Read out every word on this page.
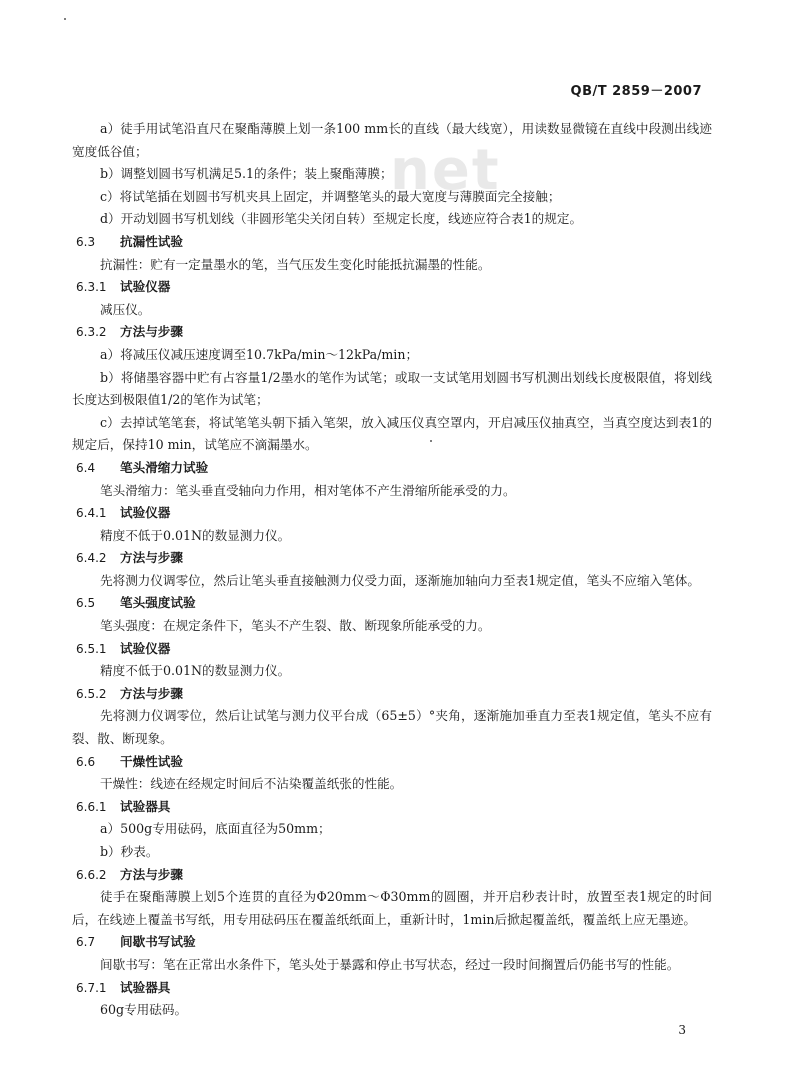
QB/T 2859－2007
net

a）徒手用试笔沿直尺在聚酯薄膜上划一条100 mm长的直线（最大线宽），用读数显微镜在直线中段测出线迹宽度低谷值；

b）调整划圆书写机满足5.1的条件；装上聚酯薄膜；

c）将试笔插在划圆书写机夹具上固定，并调整笔头的最大宽度与薄膜面完全接触；

d）开动划圆书写机划线（非圆形笔尖关闭自转）至规定长度，线迹应符合表1的规定。

6.3 抗漏性试验

抗漏性：贮有一定量墨水的笔，当气压发生变化时能抵抗漏墨的性能。

6.3.1 试验仪器

减压仪。

6.3.2 方法与步骤

a）将减压仪减压速度调至10.7kPa/min～12kPa/min；

b）将储墨容器中贮有占容量1/2墨水的笔作为试笔；或取一支试笔用划圆书写机测出划线长度极限值，将划线长度达到极限值1/2的笔作为试笔；

c）去掉试笔笔套，将试笔笔头朝下插入笔架，放入减压仪真空罩内，开启减压仪抽真空，当真空度达到表1的规定后，保持10 min，试笔应不滴漏墨水。

6.4 笔头滑缩力试验

笔头滑缩力：笔头垂直受轴向力作用，相对笔体不产生滑缩所能承受的力。

6.4.1 试验仪器

精度不低于0.01N的数显测力仪。

6.4.2 方法与步骤

先将测力仪调零位，然后让笔头垂直接触测力仪受力面，逐渐施加轴向力至表1规定值，笔头不应缩入笔体。

6.5 笔头强度试验

笔头强度：在规定条件下，笔头不产生裂、散、断现象所能承受的力。

6.5.1 试验仪器

精度不低于0.01N的数显测力仪。

6.5.2 方法与步骤

先将测力仪调零位，然后让试笔与测力仪平台成（65±5）°夹角，逐渐施加垂直力至表1规定值，笔头不应有裂、散、断现象。

6.6 干燥性试验

干燥性：线迹在经规定时间后不沾染覆盖纸张的性能。

6.6.1 试验器具

a）500g专用砝码，底面直径为50mm；

b）秒表。

6.6.2 方法与步骤

徒手在聚酯薄膜上划5个连贯的直径为Φ20mm～Φ30mm的圆圈，并开启秒表计时，放置至表1规定的时间后，在线迹上覆盖书写纸，用专用砝码压在覆盖纸纸面上，重新计时，1min后掀起覆盖纸，覆盖纸上应无墨迹。

6.7 间歇书写试验

间歇书写：笔在正常出水条件下，笔头处于暴露和停止书写状态，经过一段时间搁置后仍能书写的性能。

6.7.1 试验器具

60g专用砝码。

3
